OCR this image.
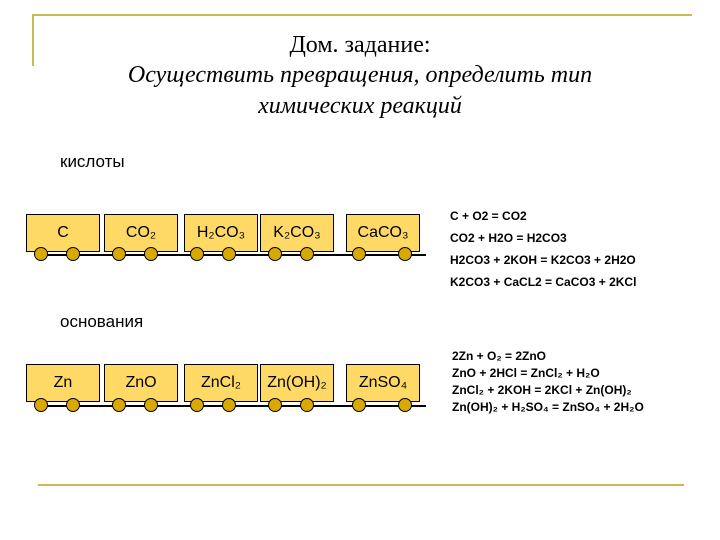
Дом. задание:
Осуществить превращения, определить тип
химических реакций
кислоты
C	CO₂	H₂CO₃	K₂CO₃	CaCO₃
C + O2 = CO2
CO2 + H2O = H2CO3
H2CO3 + 2KOH = K2CO3 + 2H2O
K2CO3 + CaCL2 = CaCO3 + 2KCl
основания
Zn	ZnO	ZnCl₂	Zn(OH)₂	ZnSO₄
2Zn + O₂ = 2ZnO
ZnO + 2HCl = ZnCl₂ + H₂O
ZnCl₂ + 2KOH = 2KCl + Zn(OH)₂
Zn(OH)₂ + H₂SO₄ = ZnSO₄ + 2H₂O
